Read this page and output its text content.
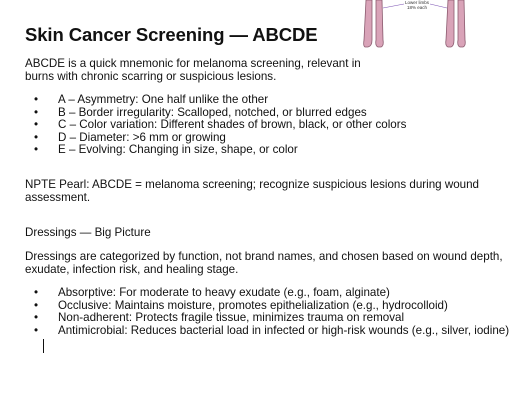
Lower limbs
18% each
Skin Cancer Screening — ABCDE

ABCDE is a quick mnemonic for melanoma screening, relevant in burns with chronic scarring or suspicious lesions.

• A – Asymmetry: One half unlike the other
• B – Border irregularity: Scalloped, notched, or blurred edges
• C – Color variation: Different shades of brown, black, or other colors
• D – Diameter: >6 mm or growing
• E – Evolving: Changing in size, shape, or color

NPTE Pearl: ABCDE = melanoma screening; recognize suspicious lesions during wound assessment.

Dressings — Big Picture

Dressings are categorized by function, not brand names, and chosen based on wound depth, exudate, infection risk, and healing stage.

• Absorptive: For moderate to heavy exudate (e.g., foam, alginate)
• Occlusive: Maintains moisture, promotes epithelialization (e.g., hydrocolloid)
• Non-adherent: Protects fragile tissue, minimizes trauma on removal
• Antimicrobial: Reduces bacterial load in infected or high-risk wounds (e.g., silver, iodine)
